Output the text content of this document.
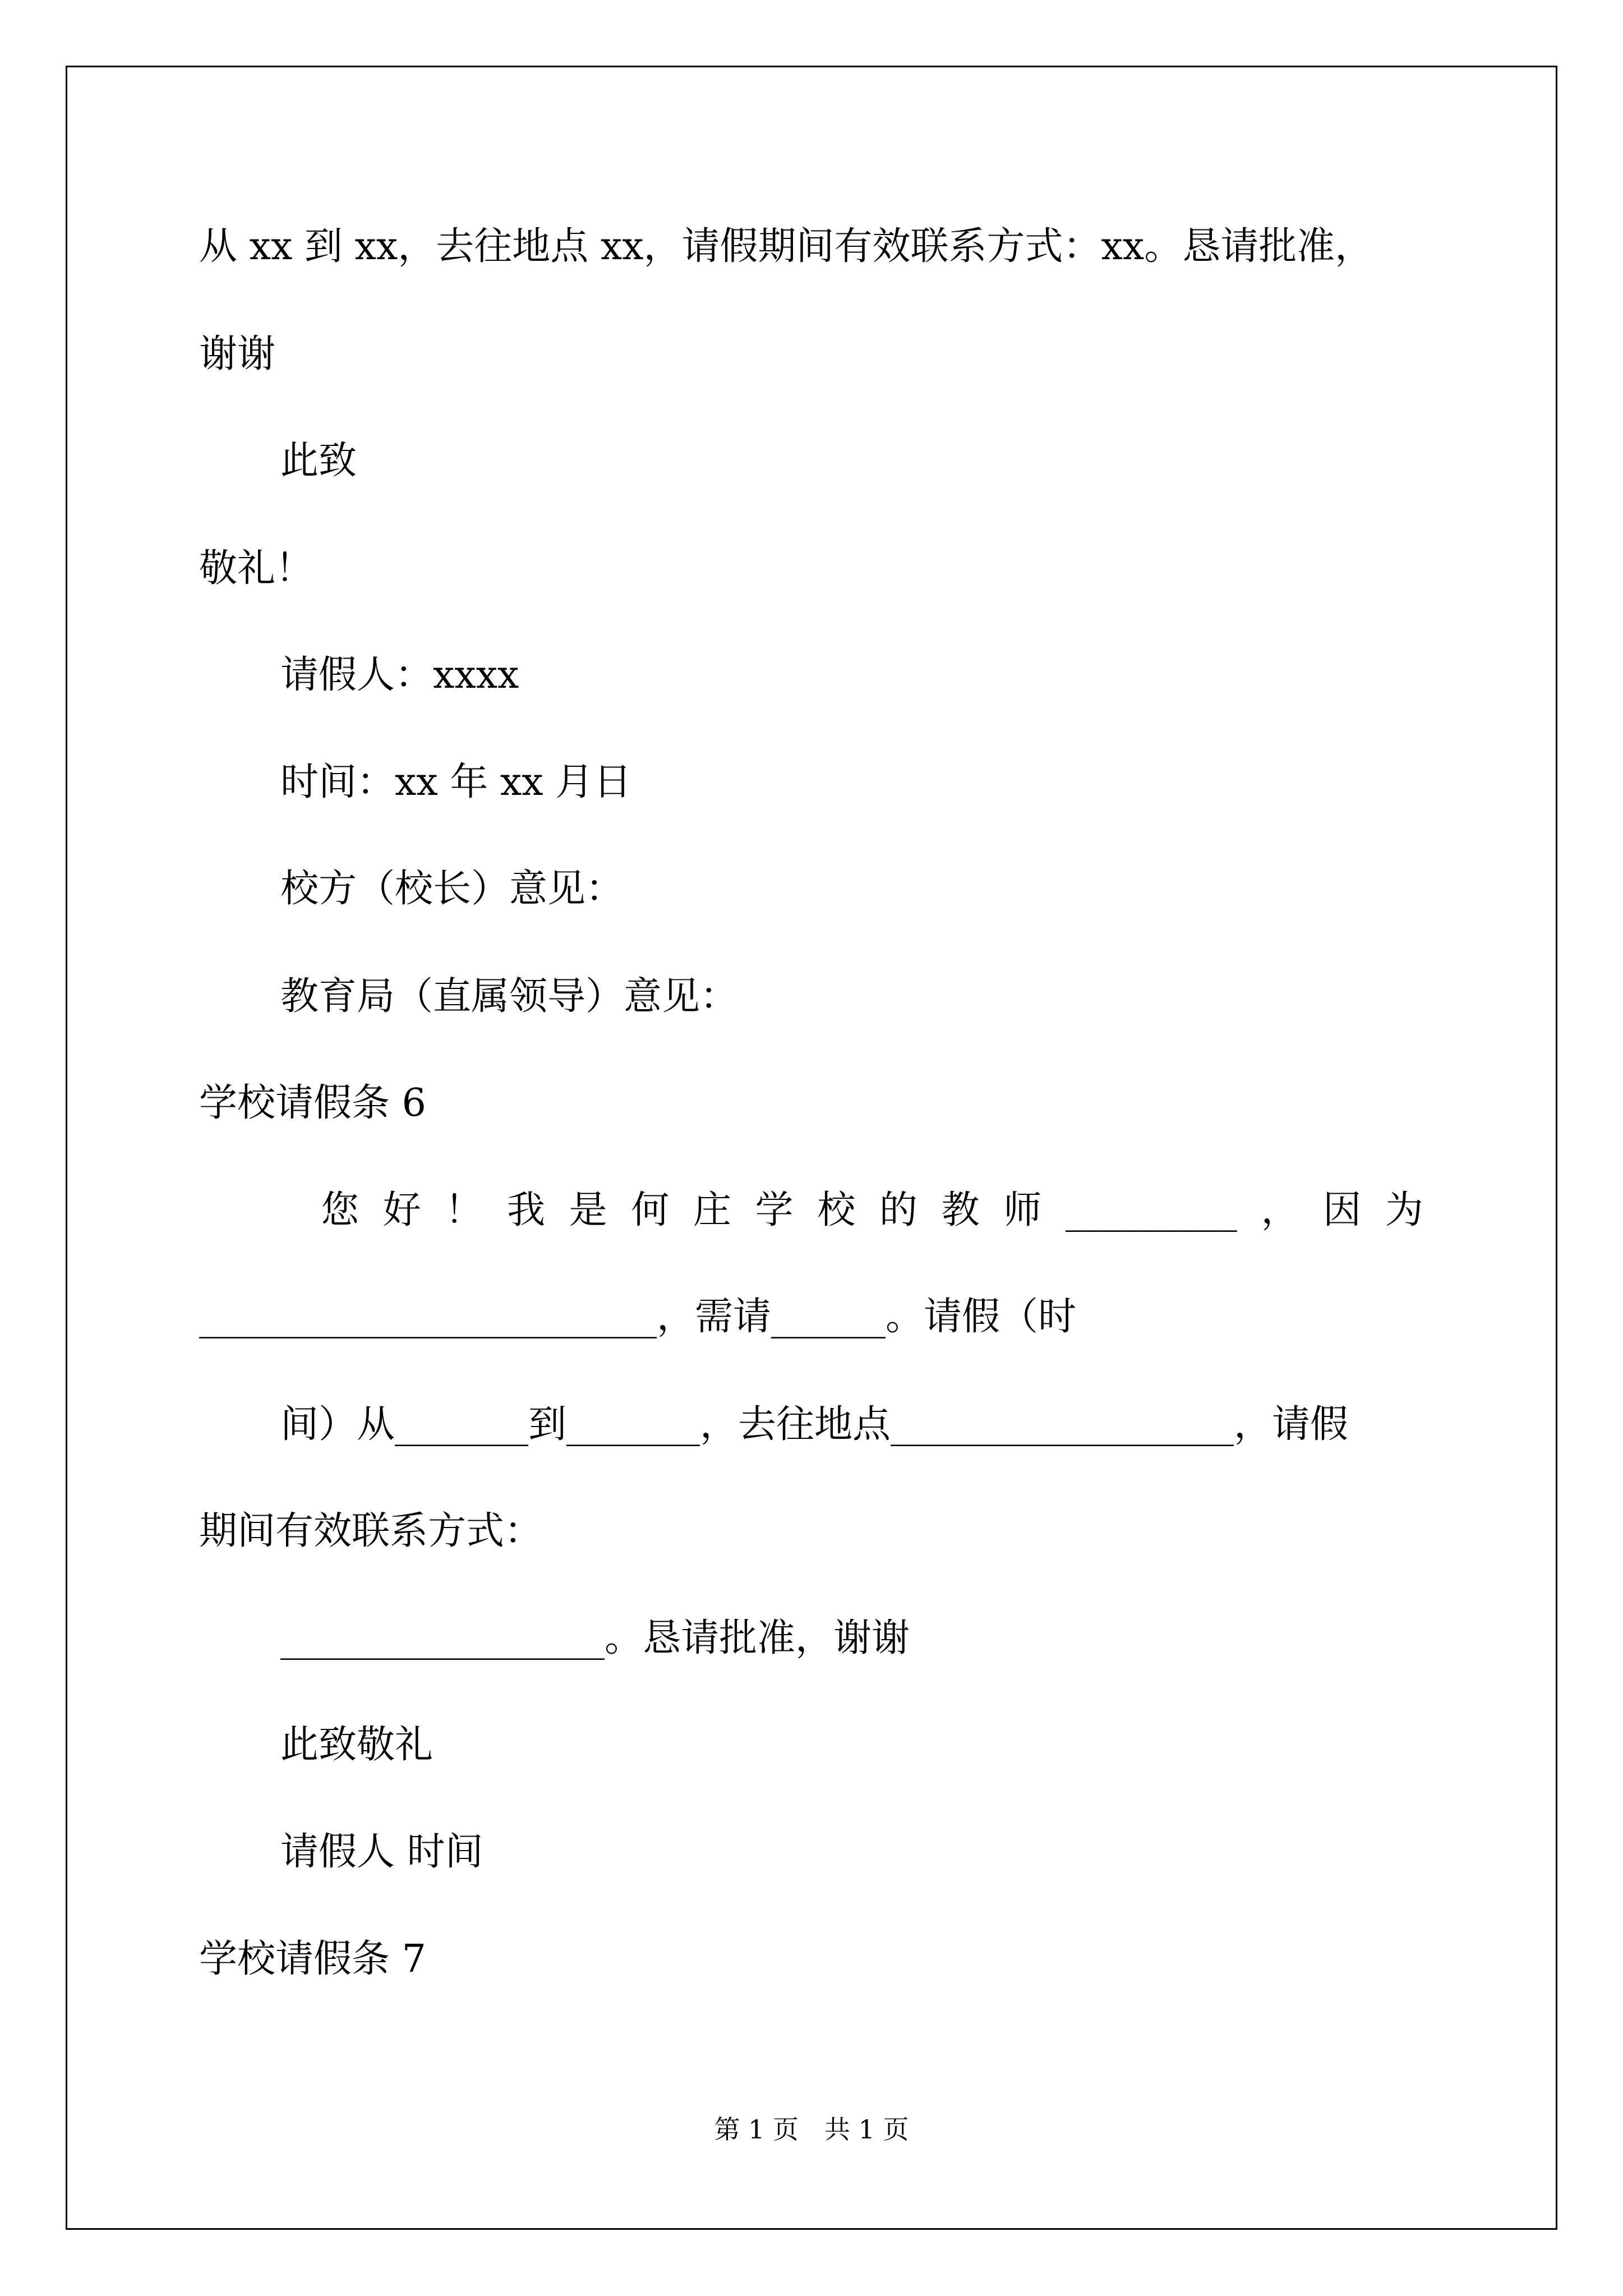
从 xx 到 xx，去往地点 xx，请假期间有效联系方式：xx。恳请批准，
谢谢
此致
敬礼！
请假人：xxxx
时间：xx 年 xx 月日
校方（校长）意见：
教育局（直属领导）意见：
学校请假条 6
您 好 ！ 我 是 何 庄 学 校 的 教 师 _________ ， 因 为
________________________，需请______。请假（时
间）从_______到_______，去往地点__________________，请假
期间有效联系方式：
_________________。恳请批准，谢谢
此致敬礼
请假人 时间
学校请假条 7
第 1 页　共 1 页
